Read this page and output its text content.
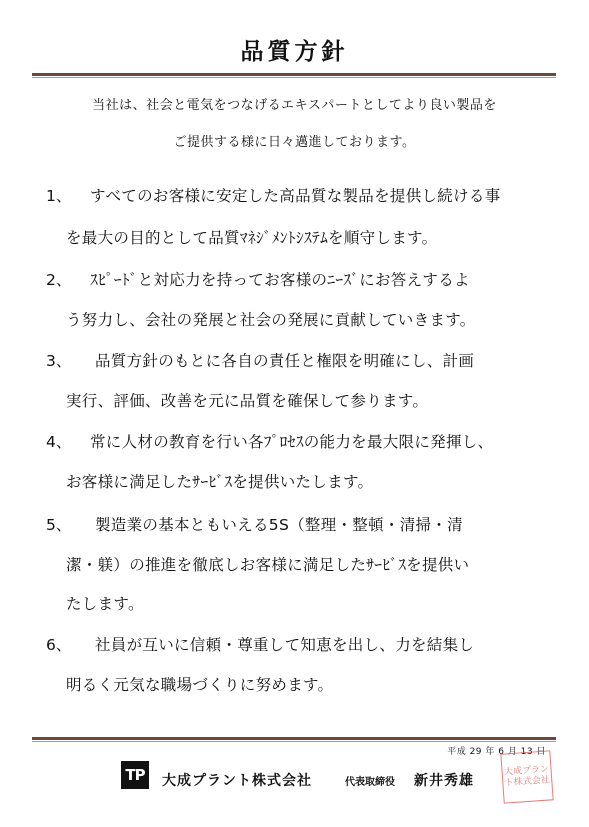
品質方針
当社は、社会と電気をつなげるエキスパートとしてより良い製品を
ご提供する様に日々邁進しております。
1、 すべてのお客様に安定した高品質な製品を提供し続ける事
を最大の目的として品質ﾏﾈｼﾞﾒﾝﾄｼｽﾃﾑを順守します。
2、 ｽﾋﾟｰﾄﾞと対応力を持ってお客様のﾆｰｽﾞにお答えするよ
う努力し、会社の発展と社会の発展に貢献していきます。
3、 品質方針のもとに各自の責任と権限を明確にし、計画
実行、評価、改善を元に品質を確保して参ります。
4、 常に人材の教育を行い各ﾌﾟﾛｾｽの能力を最大限に発揮し、
お客様に満足したｻｰﾋﾞｽを提供いたします。
5、 製造業の基本ともいえる5S（整理・整頓・清掃・清
潔・躾）の推進を徹底しお客様に満足したｻｰﾋﾞｽを提供い
たします。
6、 社員が互いに信頼・尊重して知恵を出し、力を結集し
明るく元気な職場づくりに努めます。
平成 29 年 6 月 13 日
TP	大成プラント株式会社	代表取締役 新井秀雄
大成プラント株式会社
